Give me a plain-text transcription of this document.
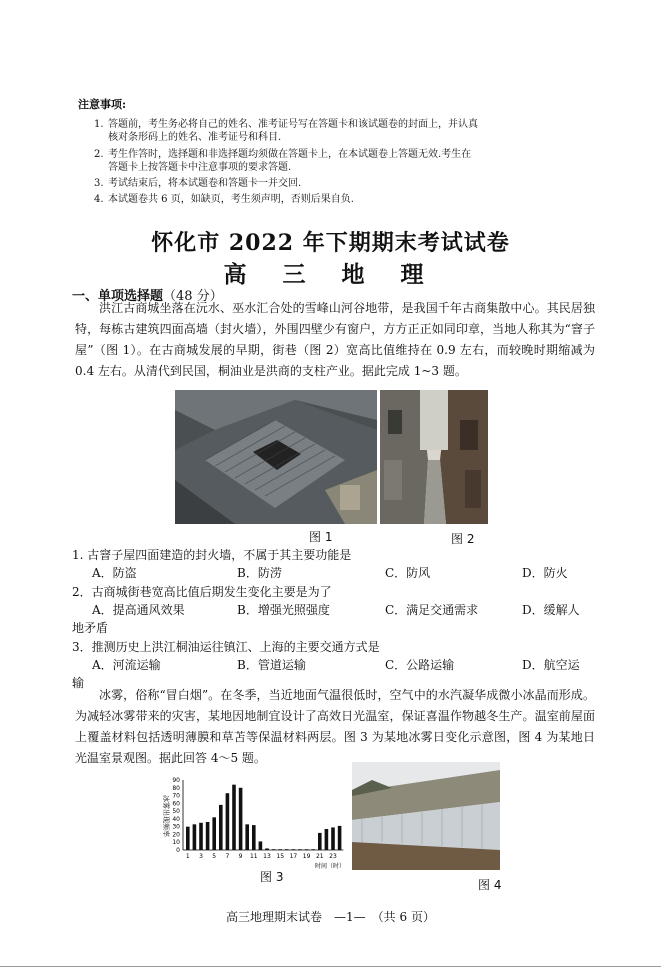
注意事项:
1. 答题前，考生务必将自己的姓名、准考证号写在答题卡和该试题卷的封面上，并认真
核对条形码上的姓名、准考证号和科目.
2. 考生作答时，选择题和非选择题均须做在答题卡上，在本试题卷上答题无效.考生在
答题卡上按答题卡中注意事项的要求答题.
3. 考试结束后，将本试题卷和答题卡一并交回.
4. 本试题卷共 6 页，如缺页，考生须声明，否则后果自负.
怀化市 2022 年下期期末考试试卷
高 三 地 理
一、单项选择题（48 分）

洪江古商城坐落在沅水、巫水汇合处的雪峰山河谷地带，是我国千年古商集散中心。其民居独特，每栋古建筑四面高墙（封火墙），外围四壁少有窗户，方方正正如同印章，当地人称其为“窨子屋”（图 1）。在古商城发展的早期，街巷（图 2）宽高比值维持在 0.9 左右，而较晚时期缩减为 0.4 左右。从清代到民国，桐油业是洪商的支柱产业。据此完成 1~3 题。

图 1	图 2
1. 古窨子屋四面建造的封火墙，不属于其主要功能是
A．防盗	B．防涝	C．防风	D．防火
2．古商城街巷宽高比值后期发生变化主要是为了
A．提高通风效果	B．增强光照强度	C．满足交通需求	D．缓解人
地矛盾
3．推测历史上洪江桐油运往镇江、上海的主要交通方式是
A．河流运输	B．管道运输	C．公路运输	D．航空运
输

冰雾，俗称“冒白烟”。在冬季，当近地面气温很低时，空气中的水汽凝华成微小冰晶而形成。为减轻冰雾带来的灾害，某地因地制宜设计了高效日光温室，保证喜温作物越冬生产。温室前屋面上覆盖材料包括透明薄膜和草苫等保温材料两层。图 3 为某地冰雾日变化示意图，图 4 为某地日光温室景观图。据此回答 4～5 题。

冰雾出现频率
0
10
20
30
40
50
60
70
80
90
1 3 5 7 9 11 13 15 17 19 21 23
时间（时）
图 3
图 4
高三地理期末试卷　—1—　（共 6 页）
